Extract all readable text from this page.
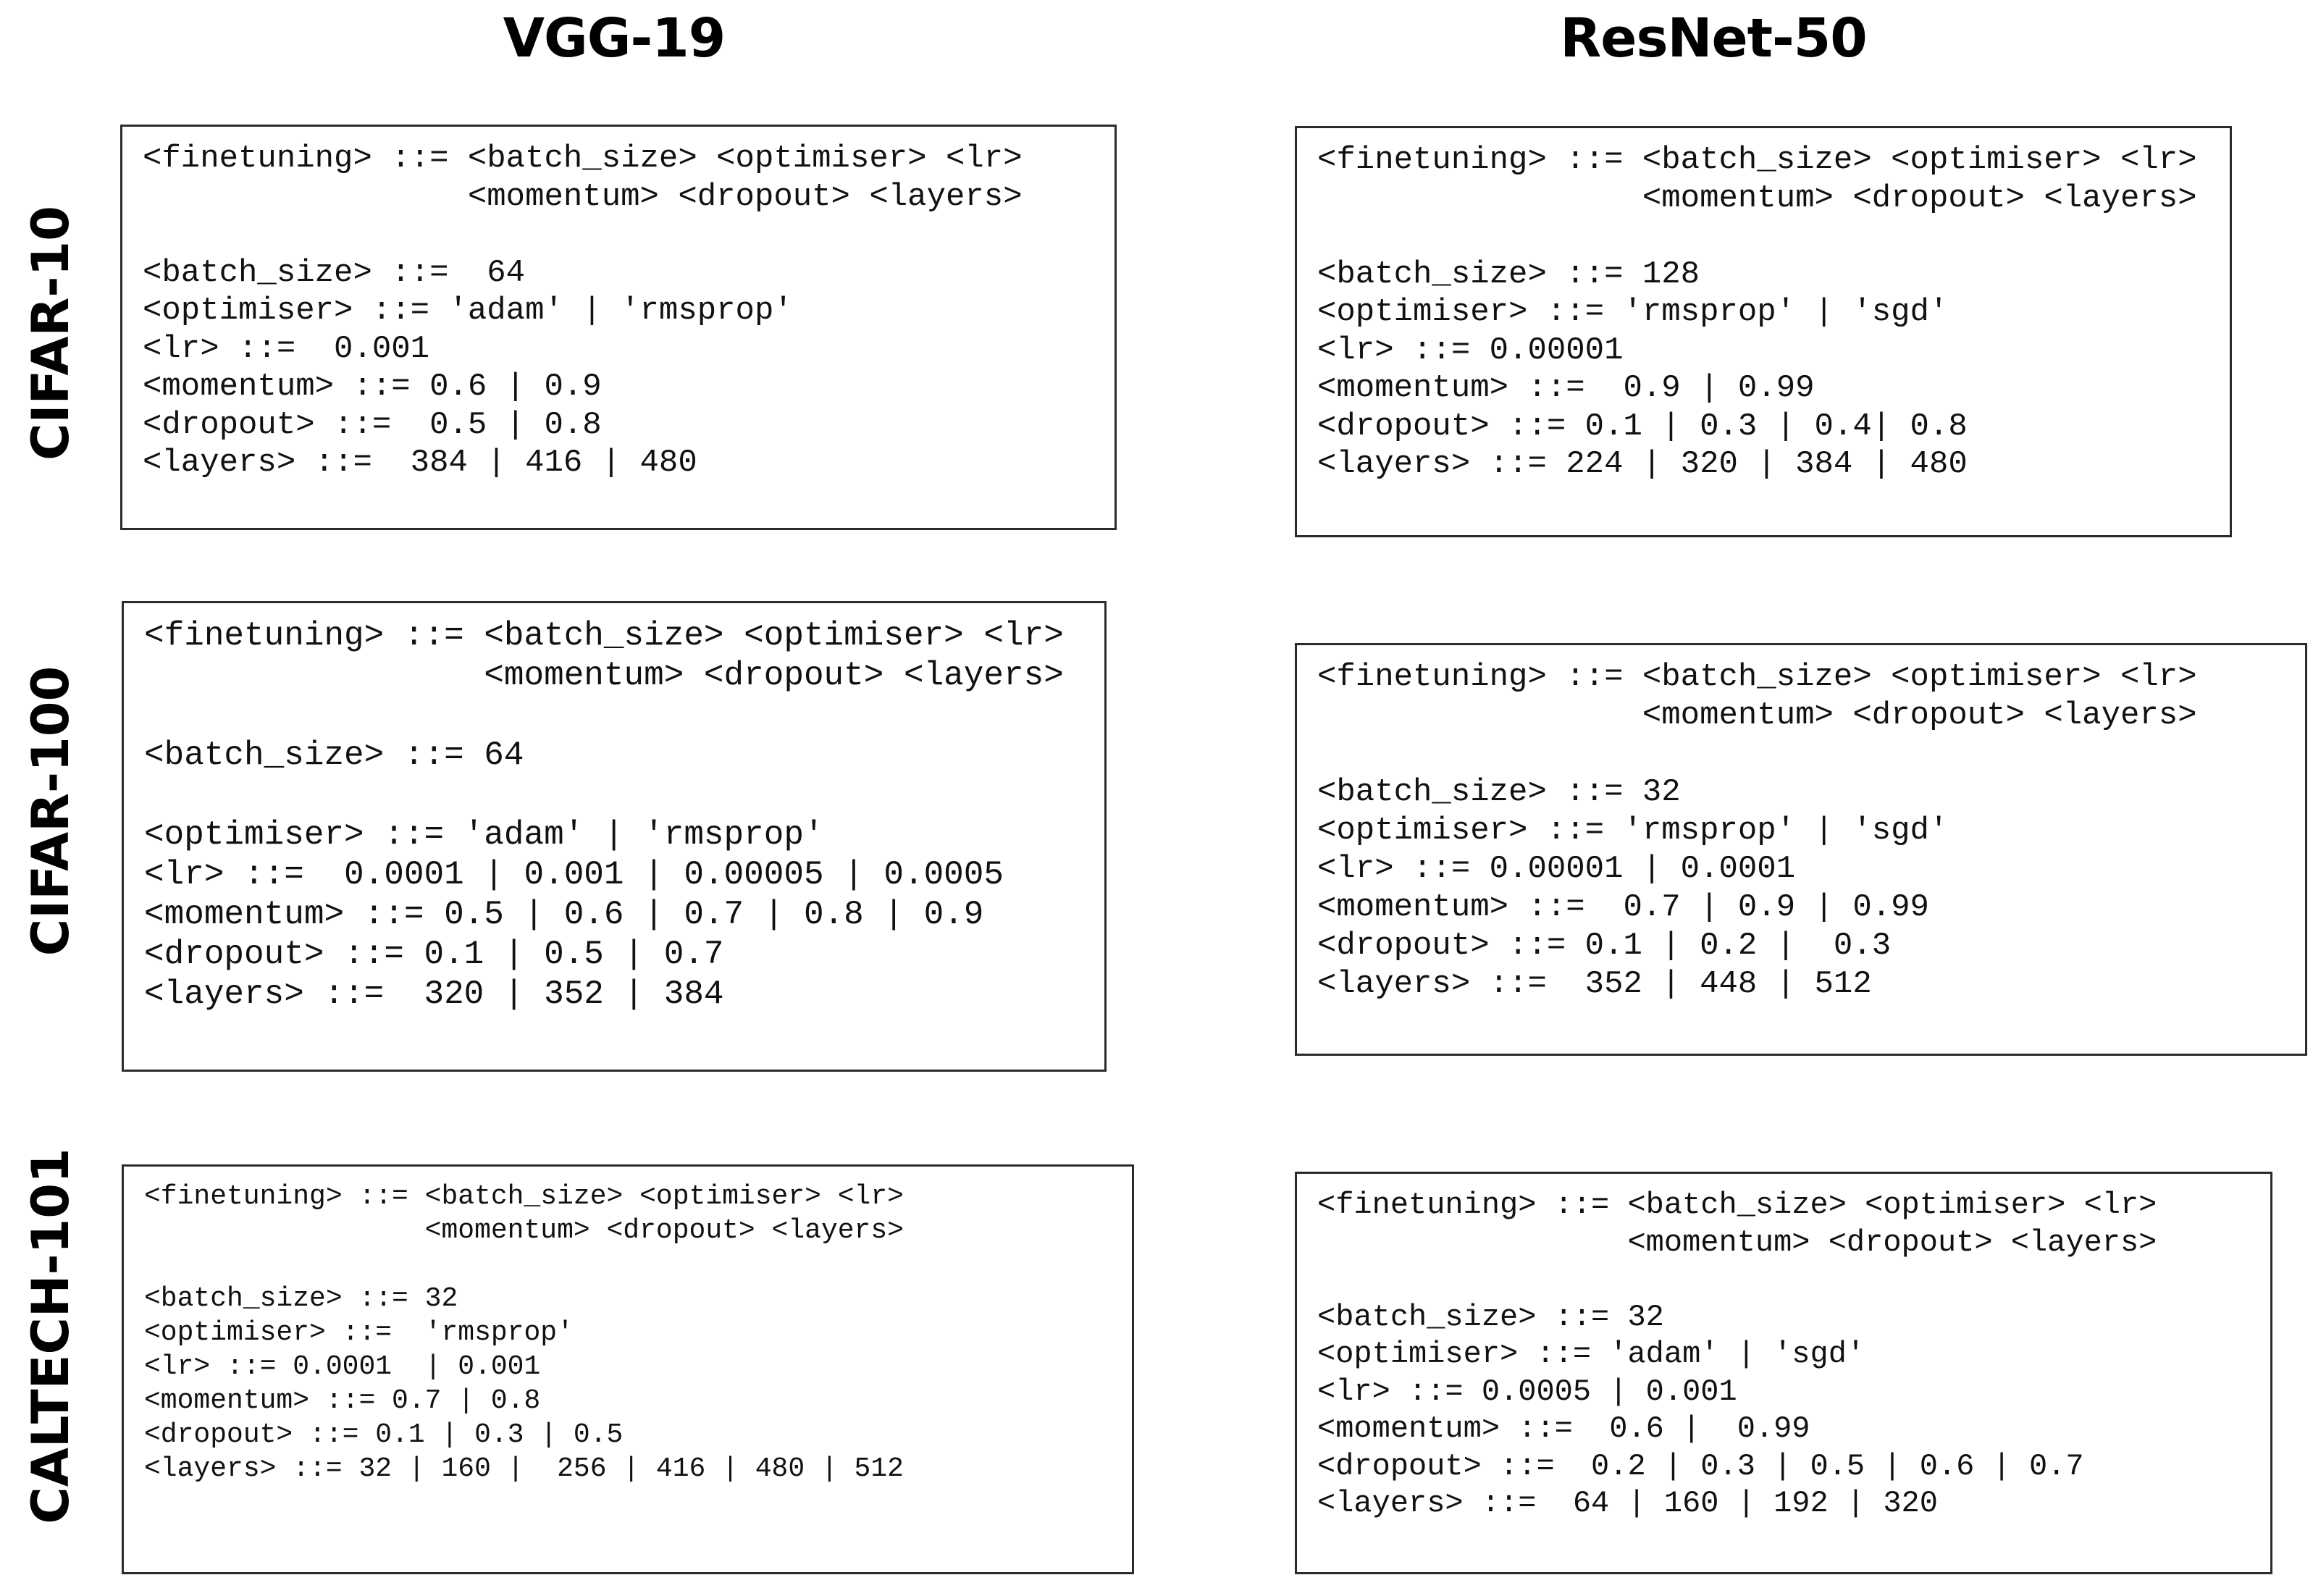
VGG-19	ResNet-50
CIFAR-10
CIFAR-100
CALTECH-101
<finetuning> ::= <batch_size> <optimiser> <lr>
<momentum> <dropout> <layers>
<batch_size> ::=  64
<optimiser> ::= 'adam' | 'rmsprop'
<lr> ::=  0.001
<momentum> ::= 0.6 | 0.9
<dropout> ::=  0.5 | 0.8
<layers> ::=  384 | 416 | 480
<finetuning> ::= <batch_size> <optimiser> <lr>
<momentum> <dropout> <layers>
<batch_size> ::= 128
<optimiser> ::= 'rmsprop' | 'sgd'
<lr> ::= 0.00001
<momentum> ::=  0.9 | 0.99
<dropout> ::= 0.1 | 0.3 | 0.4| 0.8
<layers> ::= 224 | 320 | 384 | 480
<finetuning> ::= <batch_size> <optimiser> <lr>
<momentum> <dropout> <layers>
<batch_size> ::= 64
<optimiser> ::= 'adam' | 'rmsprop'
<lr> ::=  0.0001 | 0.001 | 0.00005 | 0.0005
<momentum> ::= 0.5 | 0.6 | 0.7 | 0.8 | 0.9
<dropout> ::= 0.1 | 0.5 | 0.7
<layers> ::=  320 | 352 | 384
<finetuning> ::= <batch_size> <optimiser> <lr>
<momentum> <dropout> <layers>
<batch_size> ::= 32
<optimiser> ::= 'rmsprop' | 'sgd'
<lr> ::= 0.00001 | 0.0001
<momentum> ::=  0.7 | 0.9 | 0.99
<dropout> ::= 0.1 | 0.2 |  0.3
<layers> ::=  352 | 448 | 512
<finetuning> ::= <batch_size> <optimiser> <lr>
<momentum> <dropout> <layers>
<batch_size> ::= 32
<optimiser> ::=  'rmsprop'
<lr> ::= 0.0001  | 0.001
<momentum> ::= 0.7 | 0.8
<dropout> ::= 0.1 | 0.3 | 0.5
<layers> ::= 32 | 160 |  256 | 416 | 480 | 512
<finetuning> ::= <batch_size> <optimiser> <lr>
<momentum> <dropout> <layers>
<batch_size> ::= 32
<optimiser> ::= 'adam' | 'sgd'
<lr> ::= 0.0005 | 0.001
<momentum> ::=  0.6 |  0.99
<dropout> ::=  0.2 | 0.3 | 0.5 | 0.6 | 0.7
<layers> ::=  64 | 160 | 192 | 320
